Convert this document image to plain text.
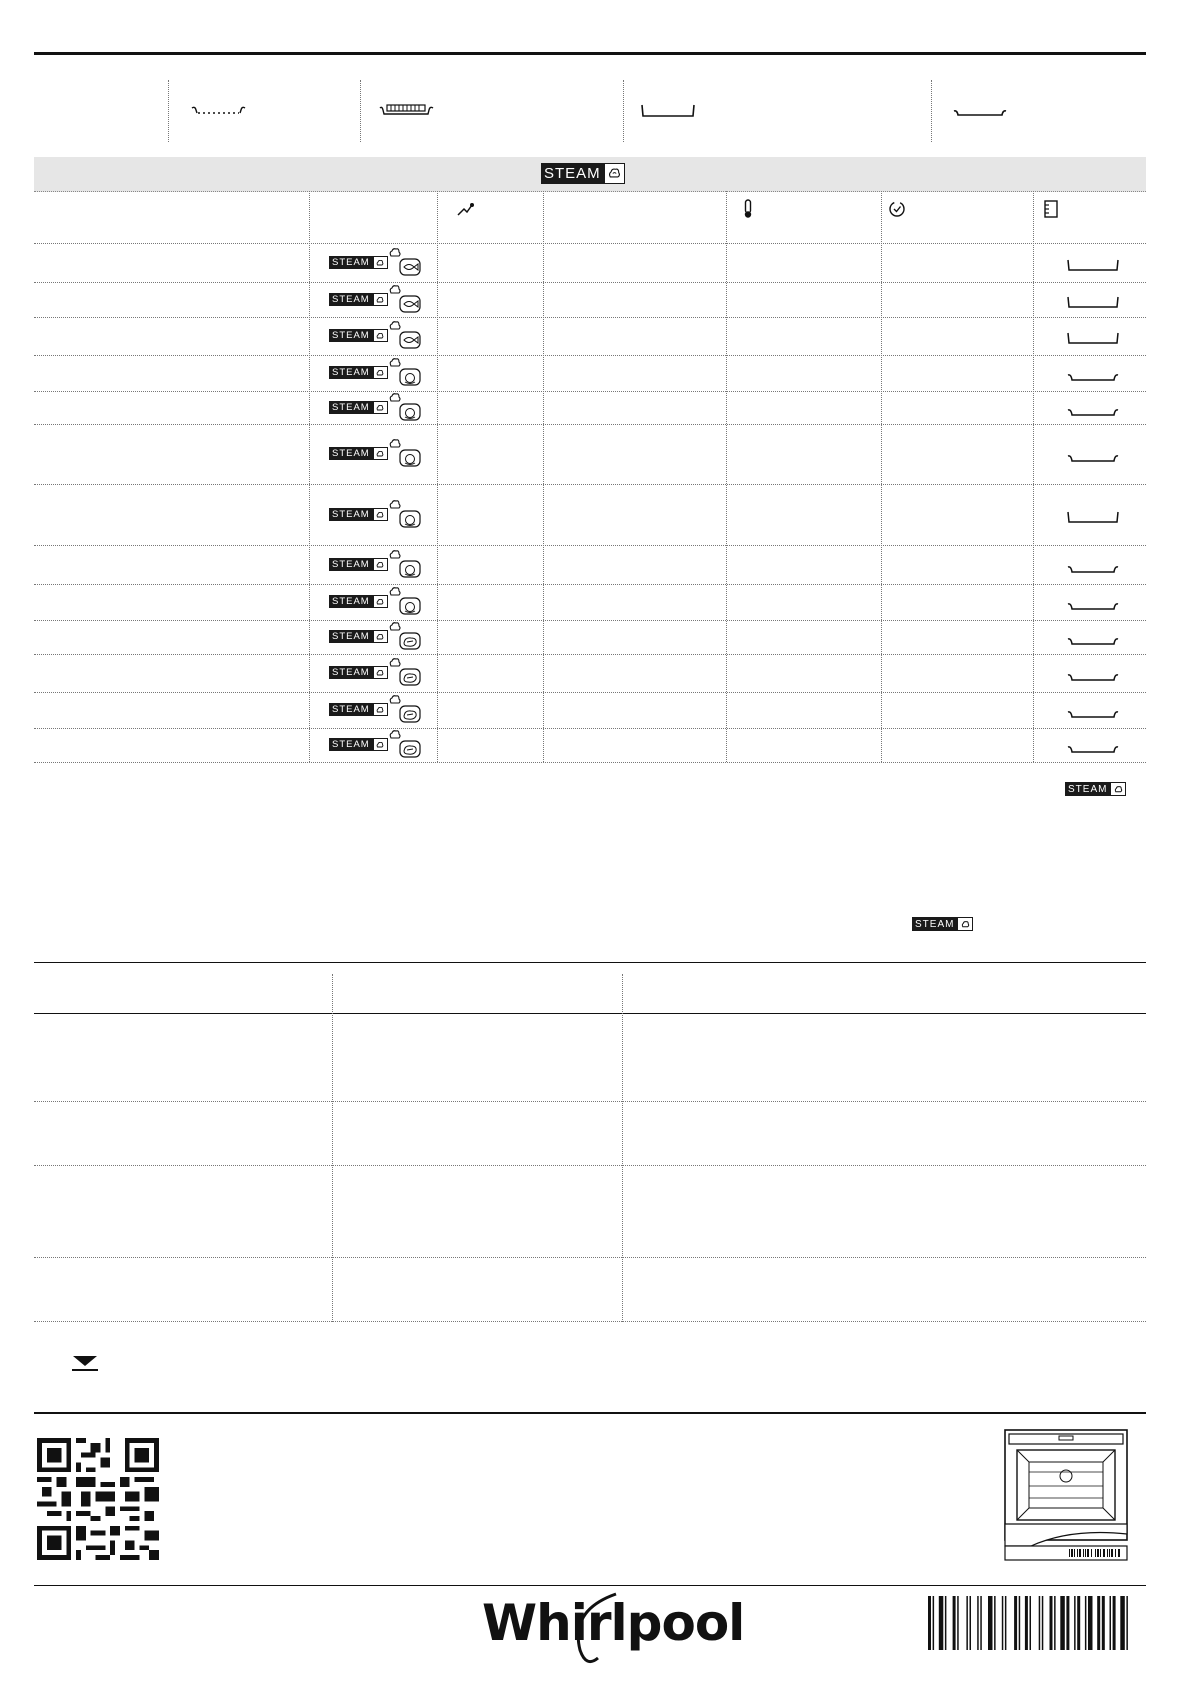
STEAM
STEAM
STEAM
STEAM
STEAM
STEAM
STEAM
STEAM
STEAM
STEAM
STEAM
STEAM
STEAM
STEAM
STEAM
STEAM
Whirlpool
